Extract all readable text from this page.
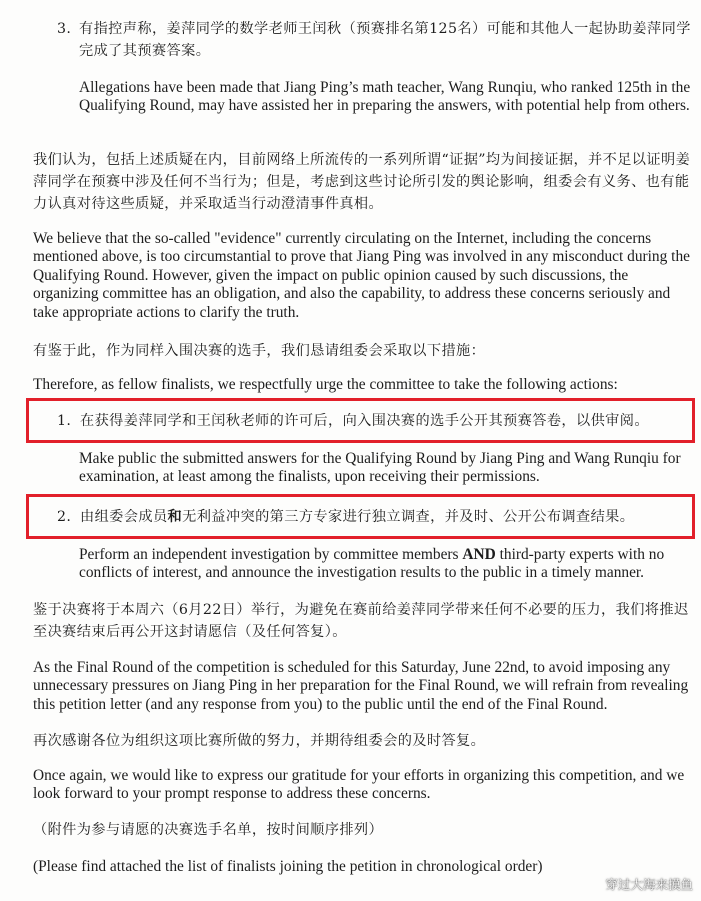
3. 有指控声称，姜萍同学的数学老师王闰秋（预赛排名第125名）可能和其他人一起协助姜萍同学完成了其预赛答案。

Allegations have been made that Jiang Ping’s math teacher, Wang Runqiu, who ranked 125th in the Qualifying Round, may have assisted her in preparing the answers, with potential help from others.

我们认为，包括上述质疑在内，目前网络上所流传的一系列所谓“证据”均为间接证据，并不足以证明姜萍同学在预赛中涉及任何不当行为；但是，考虑到这些讨论所引发的舆论影响，组委会有义务、也有能力认真对待这些质疑，并采取适当行动澄清事件真相。

We believe that the so-called "evidence" currently circulating on the Internet, including the concerns mentioned above, is too circumstantial to prove that Jiang Ping was involved in any misconduct during the Qualifying Round. However, given the impact on public opinion caused by such discussions, the organizing committee has an obligation, and also the capability, to address these concerns seriously and take appropriate actions to clarify the truth.

有鉴于此，作为同样入围决赛的选手，我们恳请组委会采取以下措施：

Therefore, as fellow finalists, we respectfully urge the committee to take the following actions:

1. 在获得姜萍同学和王闰秋老师的许可后，向入围决赛的选手公开其预赛答卷，以供审阅。

Make public the submitted answers for the Qualifying Round by Jiang Ping and Wang Runqiu for examination, at least among the finalists, upon receiving their permissions.

2. 由组委会成员和无利益冲突的第三方专家进行独立调查，并及时、公开公布调查结果。

Perform an independent investigation by committee members AND third-party experts with no conflicts of interest, and announce the investigation results to the public in a timely manner.

鉴于决赛将于本周六（6月22日）举行，为避免在赛前给姜萍同学带来任何不必要的压力，我们将推迟至决赛结束后再公开这封请愿信（及任何答复）。

As the Final Round of the competition is scheduled for this Saturday, June 22nd, to avoid imposing any unnecessary pressures on Jiang Ping in her preparation for the Final Round, we will refrain from revealing this petition letter (and any response from you) to the public until the end of the Final Round.

再次感谢各位为组织这项比赛所做的努力，并期待组委会的及时答复。

Once again, we would like to express our gratitude for your efforts in organizing this competition, and we look forward to your prompt response to address these concerns.

（附件为参与请愿的决赛选手名单，按时间顺序排列）

(Please find attached the list of finalists joining the petition in chronological order)

穿过大海来摸鱼
